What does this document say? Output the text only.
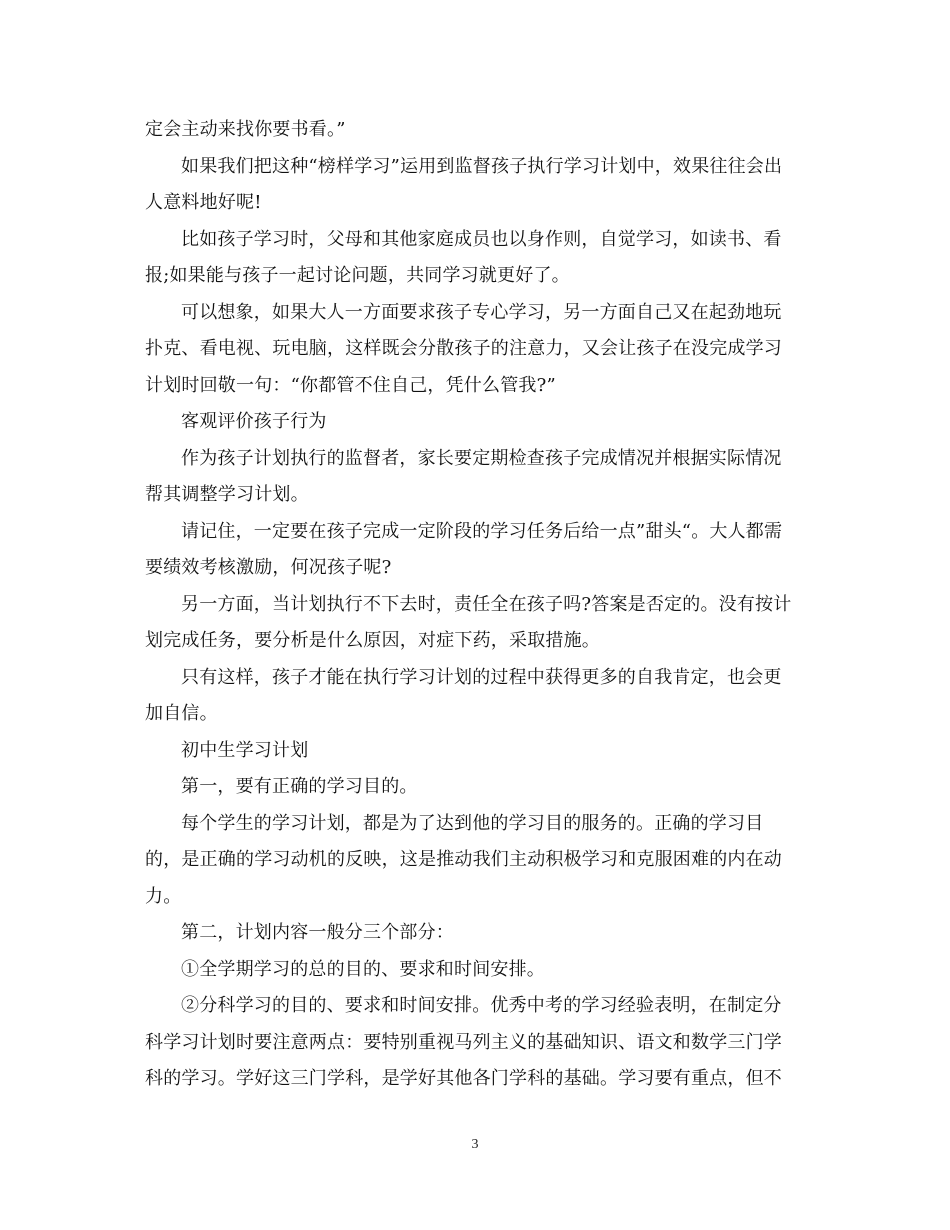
定会主动来找你要书看。”

如果我们把这种“榜样学习”运用到监督孩子执行学习计划中，效果往往会出
人意料地好呢!

比如孩子学习时，父母和其他家庭成员也以身作则，自觉学习，如读书、看
报;如果能与孩子一起讨论问题，共同学习就更好了。

可以想象，如果大人一方面要求孩子专心学习，另一方面自己又在起劲地玩
扑克、看电视、玩电脑，这样既会分散孩子的注意力，又会让孩子在没完成学习
计划时回敬一句：“你都管不住自己，凭什么管我?”

客观评价孩子行为

作为孩子计划执行的监督者，家长要定期检查孩子完成情况并根据实际情况
帮其调整学习计划。

请记住，一定要在孩子完成一定阶段的学习任务后给一点”甜头“。大人都需
要绩效考核激励，何况孩子呢?

另一方面，当计划执行不下去时，责任全在孩子吗?答案是否定的。没有按计
划完成任务，要分析是什么原因，对症下药，采取措施。

只有这样，孩子才能在执行学习计划的过程中获得更多的自我肯定，也会更
加自信。

初中生学习计划

第一，要有正确的学习目的。

每个学生的学习计划，都是为了达到他的学习目的服务的。正确的学习目
的，是正确的学习动机的反映，这是推动我们主动积极学习和克服困难的内在动
力。

第二，计划内容一般分三个部分：

①全学期学习的总的目的、要求和时间安排。

②分科学习的目的、要求和时间安排。优秀中考的学习经验表明，在制定分
科学习计划时要注意两点：要特别重视马列主义的基础知识、语文和数学三门学
科的学习。学好这三门学科，是学好其他各门学科的基础。学习要有重点，但不

3
